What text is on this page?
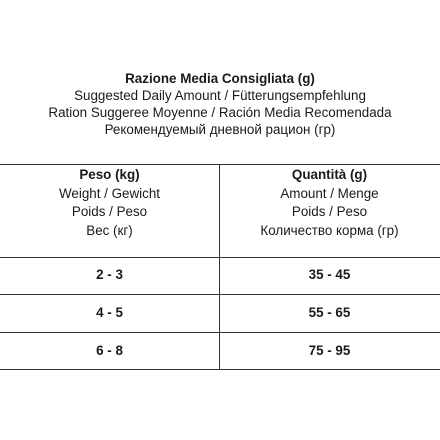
Razione Media Consigliata (g)
Suggested Daily Amount / Fütterungsempfehlung
Ration Suggeree Moyenne / Ración Media Recomendada
Рекомендуемый дневной рацион (гр)
Peso (kg)
Weight / Gewicht
Poids / Peso
Вес (кг)
Quantità (g)
Amount / Menge
Poids / Peso
Количество корма (гр)
2 - 3	35 - 45
4 - 5	55 - 65
6 - 8	75 - 95
